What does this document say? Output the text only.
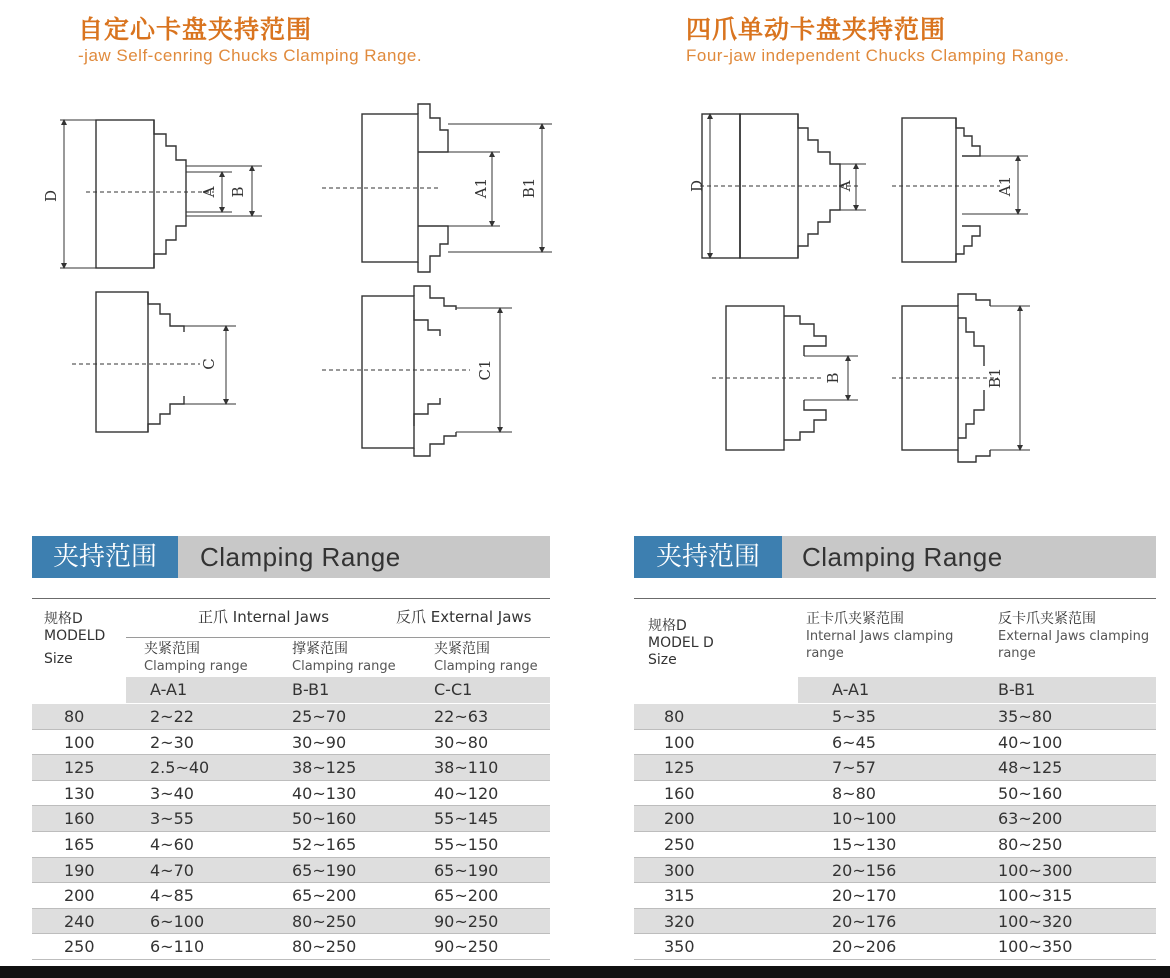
自定心卡盘夹持范围
-jaw Self-cenring Chucks Clamping Range.
四爪单动卡盘夹持范围
Four-jaw independent Chucks Clamping Range.
D	A B	A1 B1
C	C1
D	A	A1
B	B1
夹持范围	Clamping Range	夹持范围	Clamping Range
规格D
MODELD
Size
正爪 Internal Jaws	反爪 External Jaws
夹紧范围
Clamping range
撑紧范围
Clamping range
夹紧范围
Clamping range
A-A1	B-B1	C-C1
80	2~22	25~70	22~63
100	2~30	30~90	30~80
125	2.5~40	38~125	38~110
130	3~40	40~130	40~120
160	3~55	50~160	55~145
165	4~60	52~165	55~150
190	4~70	65~190	65~190
200	4~85	65~200	65~200
240	6~100	80~250	90~250
250	6~110	80~250	90~250
规格D
MODEL D
Size
正卡爪夹紧范围
Internal Jaws clamping range
反卡爪夹紧范围
External Jaws clamping range
A-A1	B-B1
80	5~35	35~80
100	6~45	40~100
125	7~57	48~125
160	8~80	50~160
200	10~100	63~200
250	15~130	80~250
300	20~156	100~300
315	20~170	100~315
320	20~176	100~320
350	20~206	100~350
